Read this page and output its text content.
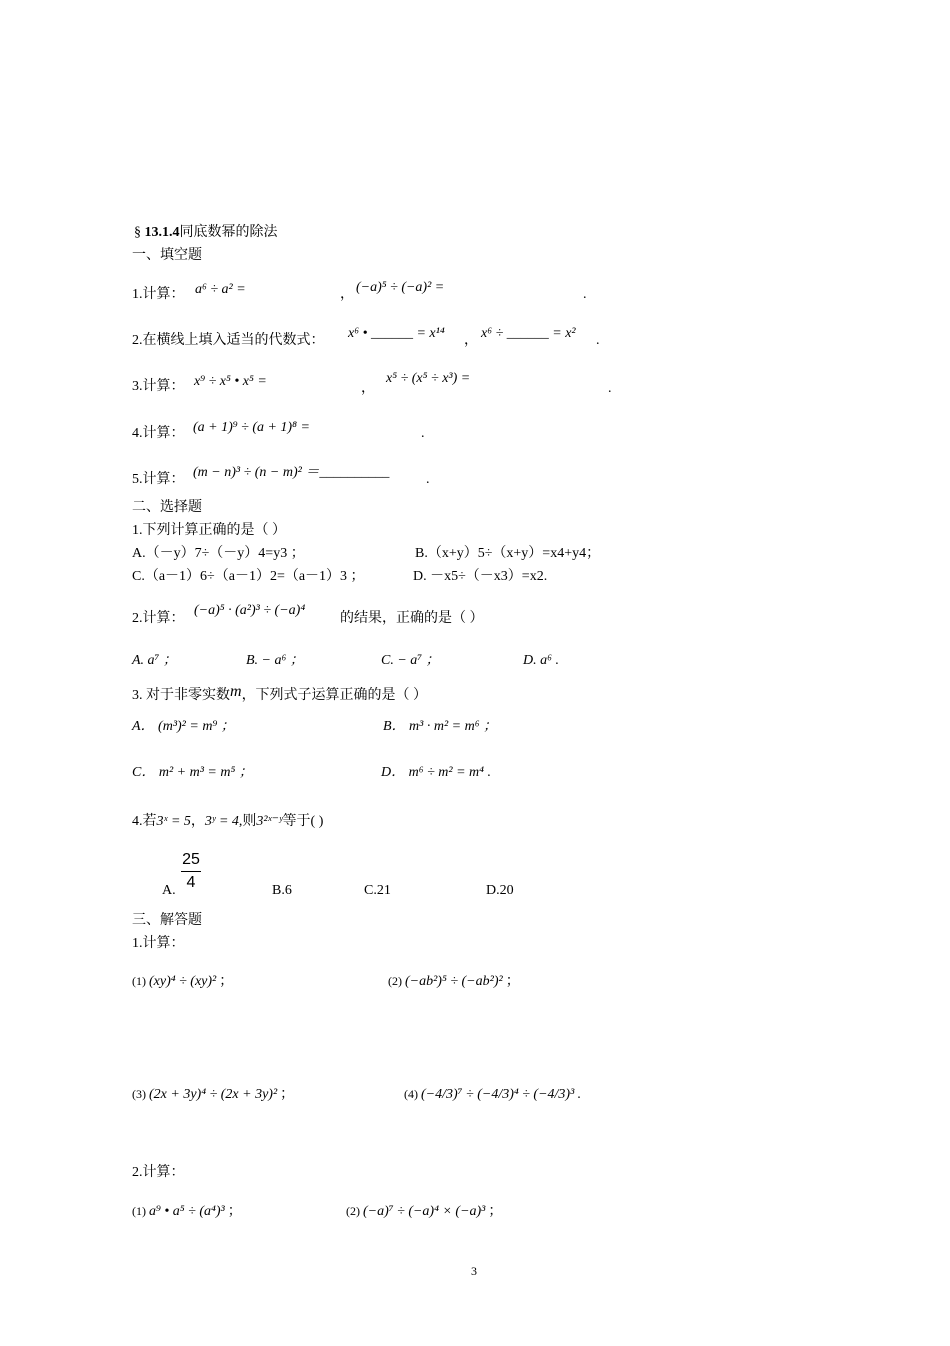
§ 13.1.4同底数幂的除法
一、填空题
1.计算： a⁶ ÷ a² =	， (−a)⁵ ÷ (−a)² =	.
2.在横线上填入适当的代数式： x⁶ • ______ = x¹⁴ ， x⁶ ÷ ______ = x² .
3.计算： x⁹ ÷ x⁵ • x⁵ =	，
x⁵ ÷ (x⁵ ÷ x³) =
.
4.计算： (a + 1)⁹ ÷ (a + 1)⁸ =	.
5.计算： (m − n)³ ÷ (n − m)² ＝__________	.
二、选择题
1.下列计算正确的是（ ）
A.（－y）7÷（－y）4=y3 ；	B.（x+y）5÷（x+y）=x4+y4；
C.（a－1）6÷（a－1）2=（a－1）3 ；	D. －x5÷（－x3）=x2.
2.计算：
(−a)⁵ · (a²)³ ÷ (−a)⁴
的结果，正确的是（ ）
A. a⁷ ；	B. − a⁶ ；	C. − a⁷ ；	D. a⁶ .
3. 对于非零实数m，下列式子运算正确的是（ ）
A． (m³)² = m⁹ ；	B． m³ · m² = m⁶ ；
C． m² + m³ = m⁵ ；	D． m⁶ ÷ m² = m⁴ .
4.若3ˣ = 5，3ʸ = 4,则3²ˣ⁻ʸ等于( )
A.
25
4	B.6	C.21	D.20
三、解答题
1.计算：
(1) (xy)⁴ ÷ (xy)² ；	(2) (−ab²)⁵ ÷ (−ab²)² ；
(3) (2x + 3y)⁴ ÷ (2x + 3y)² ；	(4) (−4/3)⁷ ÷ (−4/3)⁴ ÷ (−4/3)³ .
2.计算：
(1) a⁹ • a⁵ ÷ (a⁴)³ ；	(2) (−a)⁷ ÷ (−a)⁴ × (−a)³ ；
3
